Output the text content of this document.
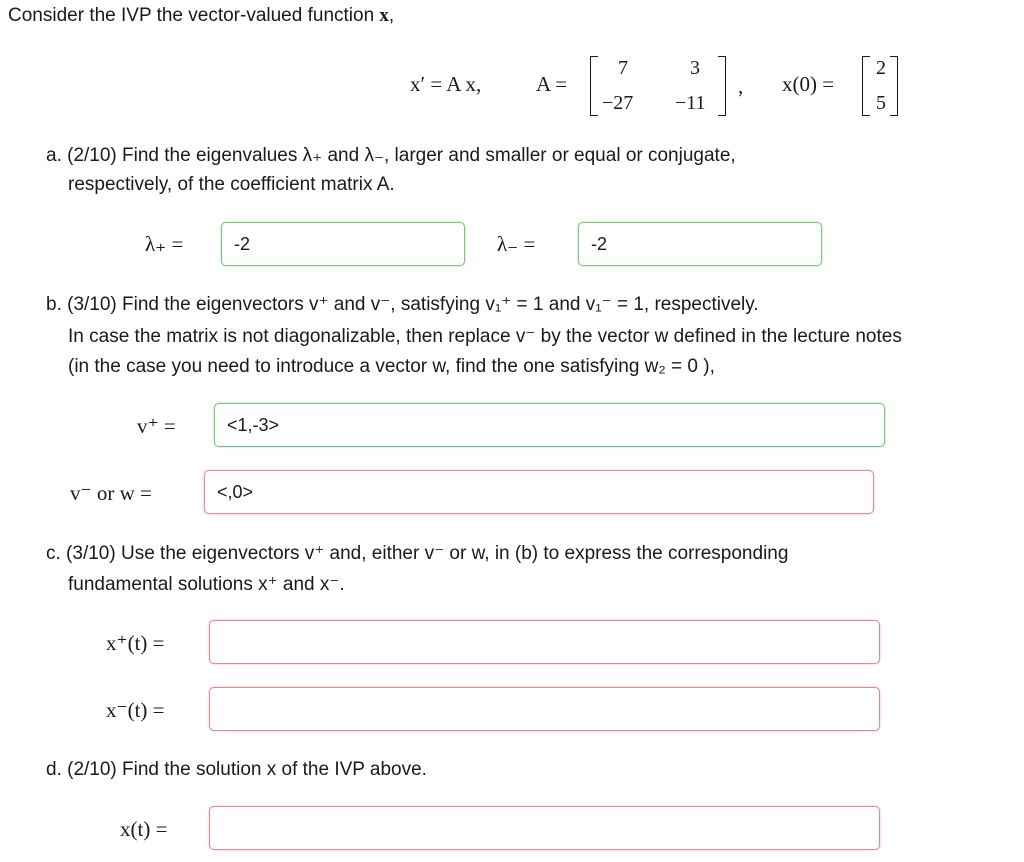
Consider the IVP the vector-valued function x,
x′ = A x,	A =
7	3
−27 −11
, x(0) =
2
5
a. (2/10) Find the eigenvalues λ₊ and λ₋, larger and smaller or equal or conjugate,
respectively, of the coefficient matrix A.
λ₊ =
-2	λ₋ =
-2
b. (3/10) Find the eigenvectors v⁺ and v⁻, satisfying v₁⁺ = 1 and v₁⁻ = 1, respectively.
In case the matrix is not diagonalizable, then replace v⁻ by the vector w defined in the lecture notes
(in the case you need to introduce a vector w, find the one satisfying w₂ = 0 ),
v⁺ =
<1,-3>
v⁻ or w =
<,0>
c. (3/10) Use the eigenvectors v⁺ and, either v⁻ or w, in (b) to express the corresponding
fundamental solutions x⁺ and x⁻.
x⁺(t) =
x⁻(t) =
d. (2/10) Find the solution x of the IVP above.
x(t) =
